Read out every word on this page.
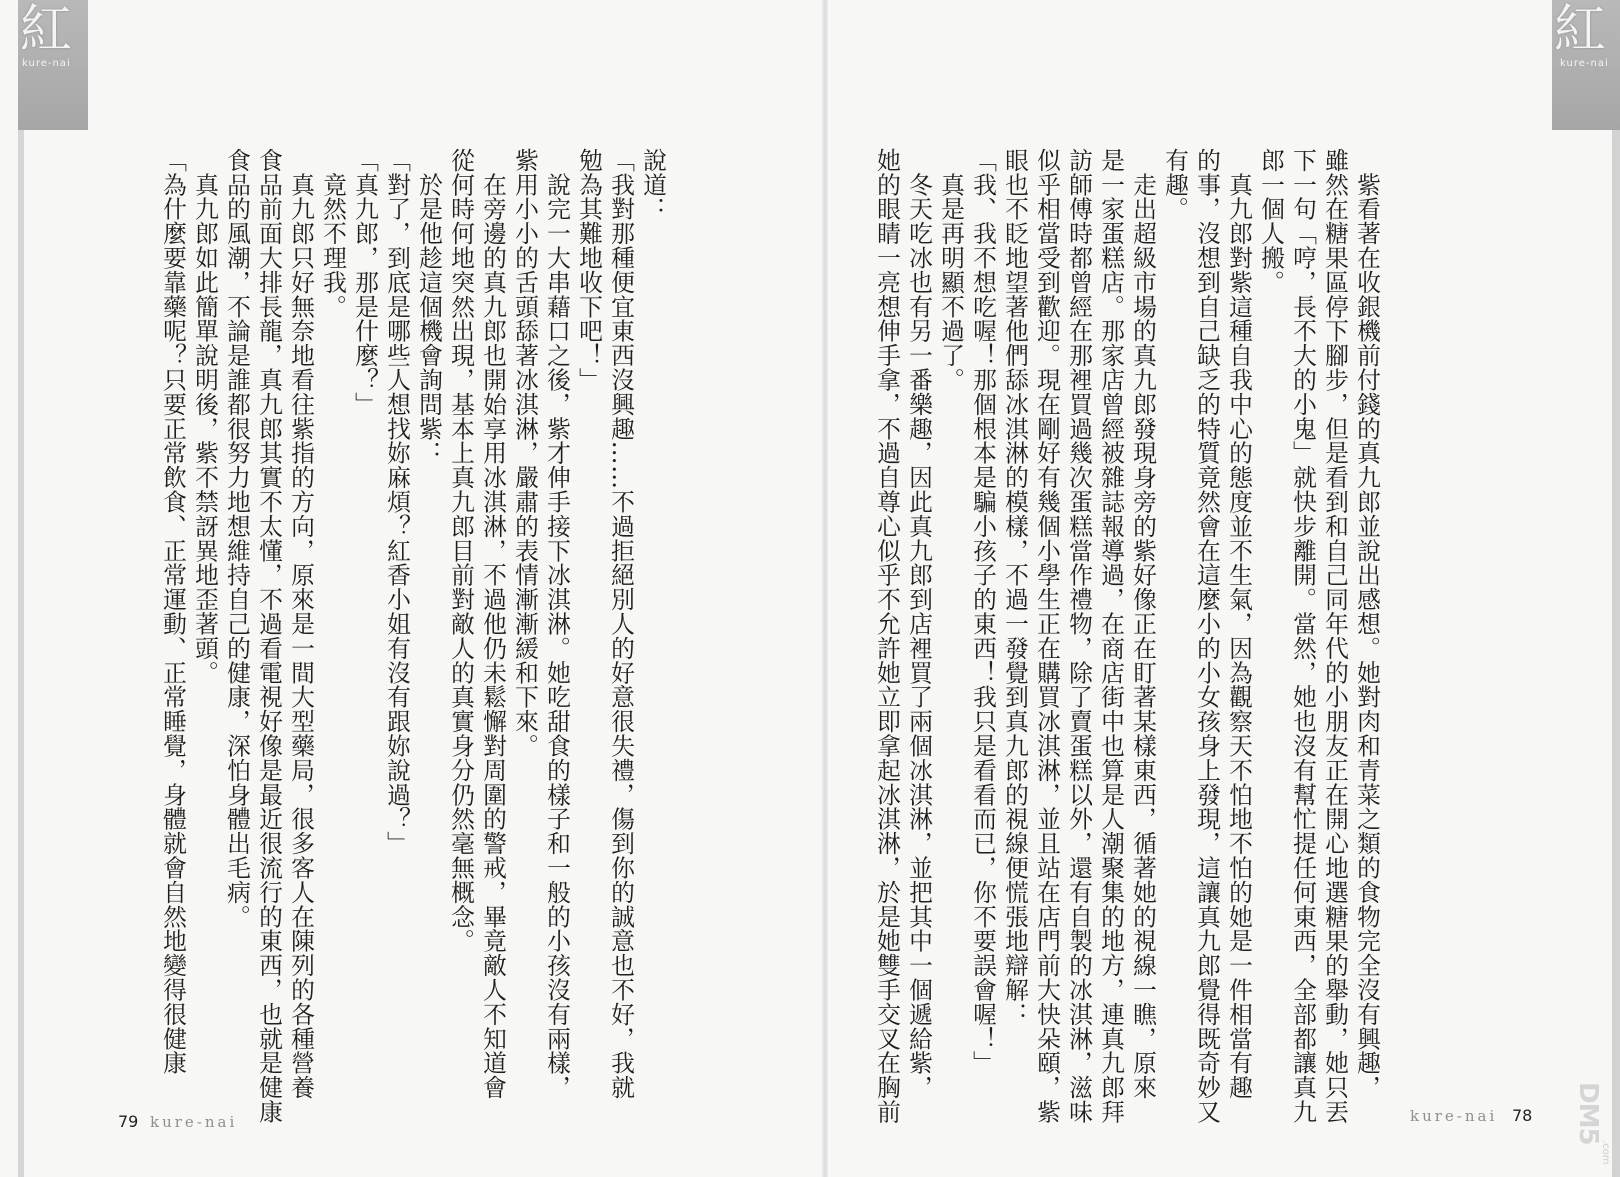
紅
kure-nai
紅
kure-nai
　紫看著在收銀機前付錢的真九郎並說出感想。她對肉和青菜之類的食物完全沒有興趣，
雖然在糖果區停下腳步，但是看到和自己同年代的小朋友正在開心地選糖果的舉動，她只丟
下一句「哼，長不大的小鬼」就快步離開。當然，她也沒有幫忙提任何東西，全部都讓真九
郎一個人搬。
　真九郎對紫這種自我中心的態度並不生氣，因為觀察天不怕地不怕的她是一件相當有趣
的事，沒想到自己缺乏的特質竟然會在這麼小的小女孩身上發現，這讓真九郎覺得既奇妙又
有趣。
　走出超級市場的真九郎發現身旁的紫好像正在盯著某樣東西，循著她的視線一瞧，原來
是一家蛋糕店。那家店曾經被雜誌報導過，在商店街中也算是人潮聚集的地方，連真九郎拜
訪師傅時都曾經在那裡買過幾次蛋糕當作禮物，除了賣蛋糕以外，還有自製的冰淇淋，滋味
似乎相當受到歡迎。現在剛好有幾個小學生正在購買冰淇淋，並且站在店門前大快朵頤，紫
眼也不眨地望著他們舔冰淇淋的模樣，不過一發覺到真九郎的視線便慌張地辯解：
「我、我不想吃喔！那個根本是騙小孩子的東西！我只是看看而已，你不要誤會喔！」
　真是再明顯不過了。
　冬天吃冰也有另一番樂趣，因此真九郎到店裡買了兩個冰淇淋，並把其中一個遞給紫，
她的眼睛一亮想伸手拿，不過自尊心似乎不允許她立即拿起冰淇淋，於是她雙手交叉在胸前
說道：
「我對那種便宜東西沒興趣……不過拒絕別人的好意很失禮，傷到你的誠意也不好，我就
勉為其難地收下吧！」
　說完一大串藉口之後，紫才伸手接下冰淇淋。她吃甜食的樣子和一般的小孩沒有兩樣，
紫用小小的舌頭舔著冰淇淋，嚴肅的表情漸漸緩和下來。
　在旁邊的真九郎也開始享用冰淇淋，不過他仍未鬆懈對周圍的警戒，畢竟敵人不知道會
從何時何地突然出現，基本上真九郎目前對敵人的真實身分仍然毫無概念。
　於是他趁這個機會詢問紫：
「對了，到底是哪些人想找妳麻煩？紅香小姐有沒有跟妳說過？」
「真九郎，那是什麼？」
　竟然不理我。
　真九郎只好無奈地看往紫指的方向，原來是一間大型藥局，很多客人在陳列的各種營養
食品前面大排長龍，真九郎其實不太懂，不過看電視好像是最近很流行的東西，也就是健康
食品的風潮，不論是誰都很努力地想維持自己的健康，深怕身體出毛病。
　真九郎如此簡單說明後，紫不禁訝異地歪著頭。
「為什麼要靠藥呢？只要正常飲食、正常運動、正常睡覺，身體就會自然地變得很健康
79 kure-nai	kure-nai 78 DM5
.com
